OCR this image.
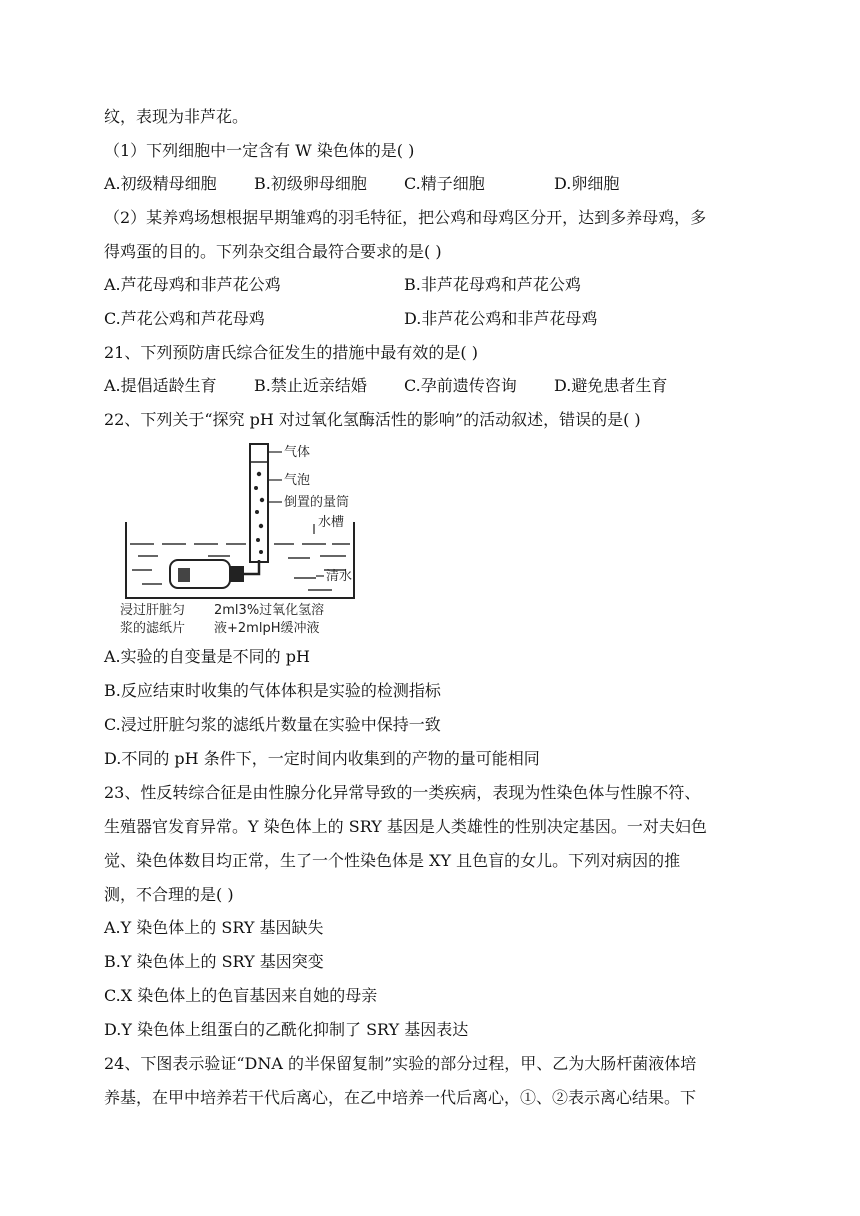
纹，表现为非芦花。
（1）下列细胞中一定含有 W 染色体的是( )
A.初级精母细胞 B.初级卵母细胞 C.精子细胞	D.卵细胞
（2）某养鸡场想根据早期雏鸡的羽毛特征，把公鸡和母鸡区分开，达到多养母鸡，多
得鸡蛋的目的。下列杂交组合最符合要求的是( )
A.芦花母鸡和非芦花公鸡	B.非芦花母鸡和芦花公鸡
C.芦花公鸡和芦花母鸡	D.非芦花公鸡和非芦花母鸡
21、下列预防唐氏综合征发生的措施中最有效的是( )
A.提倡适龄生育 B.禁止近亲结婚 C.孕前遗传咨询 D.避免患者生育
22、下列关于“探究 pH 对过氧化氢酶活性的影响”的活动叙述，错误的是( )
气体
气泡
倒置的量筒
水槽
清水
浸过肝脏匀
浆的滤纸片
2ml3%过氧化氢溶
液+2mlpH缓冲液
A.实验的自变量是不同的 pH
B.反应结束时收集的气体体积是实验的检测指标
C.浸过肝脏匀浆的滤纸片数量在实验中保持一致
D.不同的 pH 条件下，一定时间内收集到的产物的量可能相同
23、性反转综合征是由性腺分化异常导致的一类疾病，表现为性染色体与性腺不符、
生殖器官发育异常。Y 染色体上的 SRY 基因是人类雄性的性别决定基因。一对夫妇色
觉、染色体数目均正常，生了一个性染色体是 XY 且色盲的女儿。下列对病因的推
测，不合理的是( )
A.Y 染色体上的 SRY 基因缺失
B.Y 染色体上的 SRY 基因突变
C.X 染色体上的色盲基因来自她的母亲
D.Y 染色体上组蛋白的乙酰化抑制了 SRY 基因表达
24、下图表示验证“DNA 的半保留复制”实验的部分过程，甲、乙为大肠杆菌液体培
养基，在甲中培养若干代后离心，在乙中培养一代后离心，①、②表示离心结果。下
